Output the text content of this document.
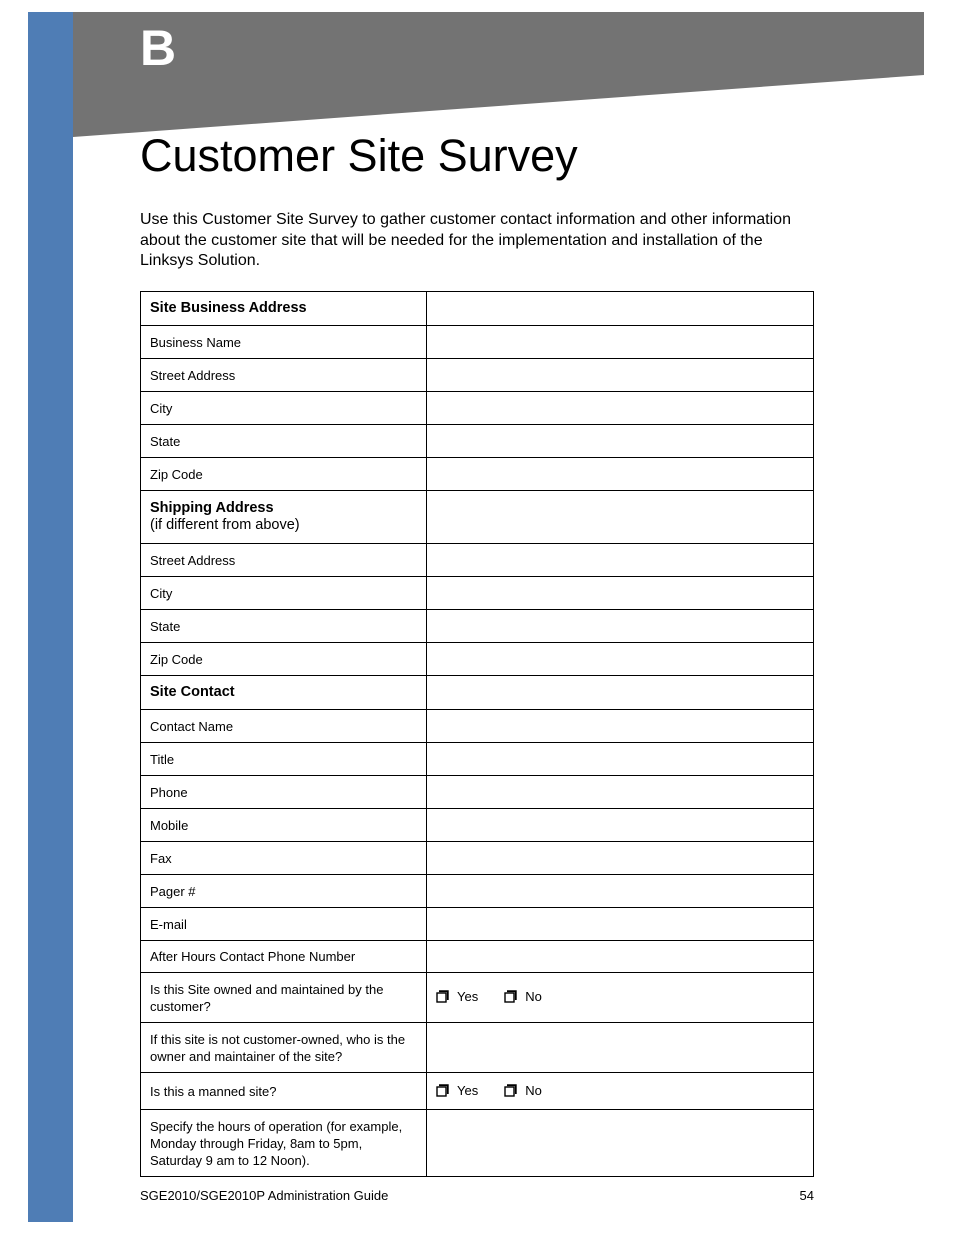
B
Customer Site Survey

Use this Customer Site Survey to gather customer contact information and other information about the customer site that will be needed for the implementation and installation of the Linksys Solution.

Site Business Address	
Business Name	
Street Address	
City	
State	
Zip Code	
Shipping Address
(if different from above)	

Street Address	
City	
State	
Zip Code	
Site Contact	
Contact Name	
Title	
Phone	
Mobile	
Fax	
Pager #	
E-mail	
After Hours Contact Phone Number	
Is this Site owned and maintained by the customer?	Yes No

If this site is not customer-owned, who is the owner and maintainer of the site?	
Is this a manned site?	Yes No

Specify the hours of operation (for example, Monday through Friday, 8am to 5pm, Saturday 9 am to 12 Noon).	
SGE2010/SGE2010P Administration Guide	54
